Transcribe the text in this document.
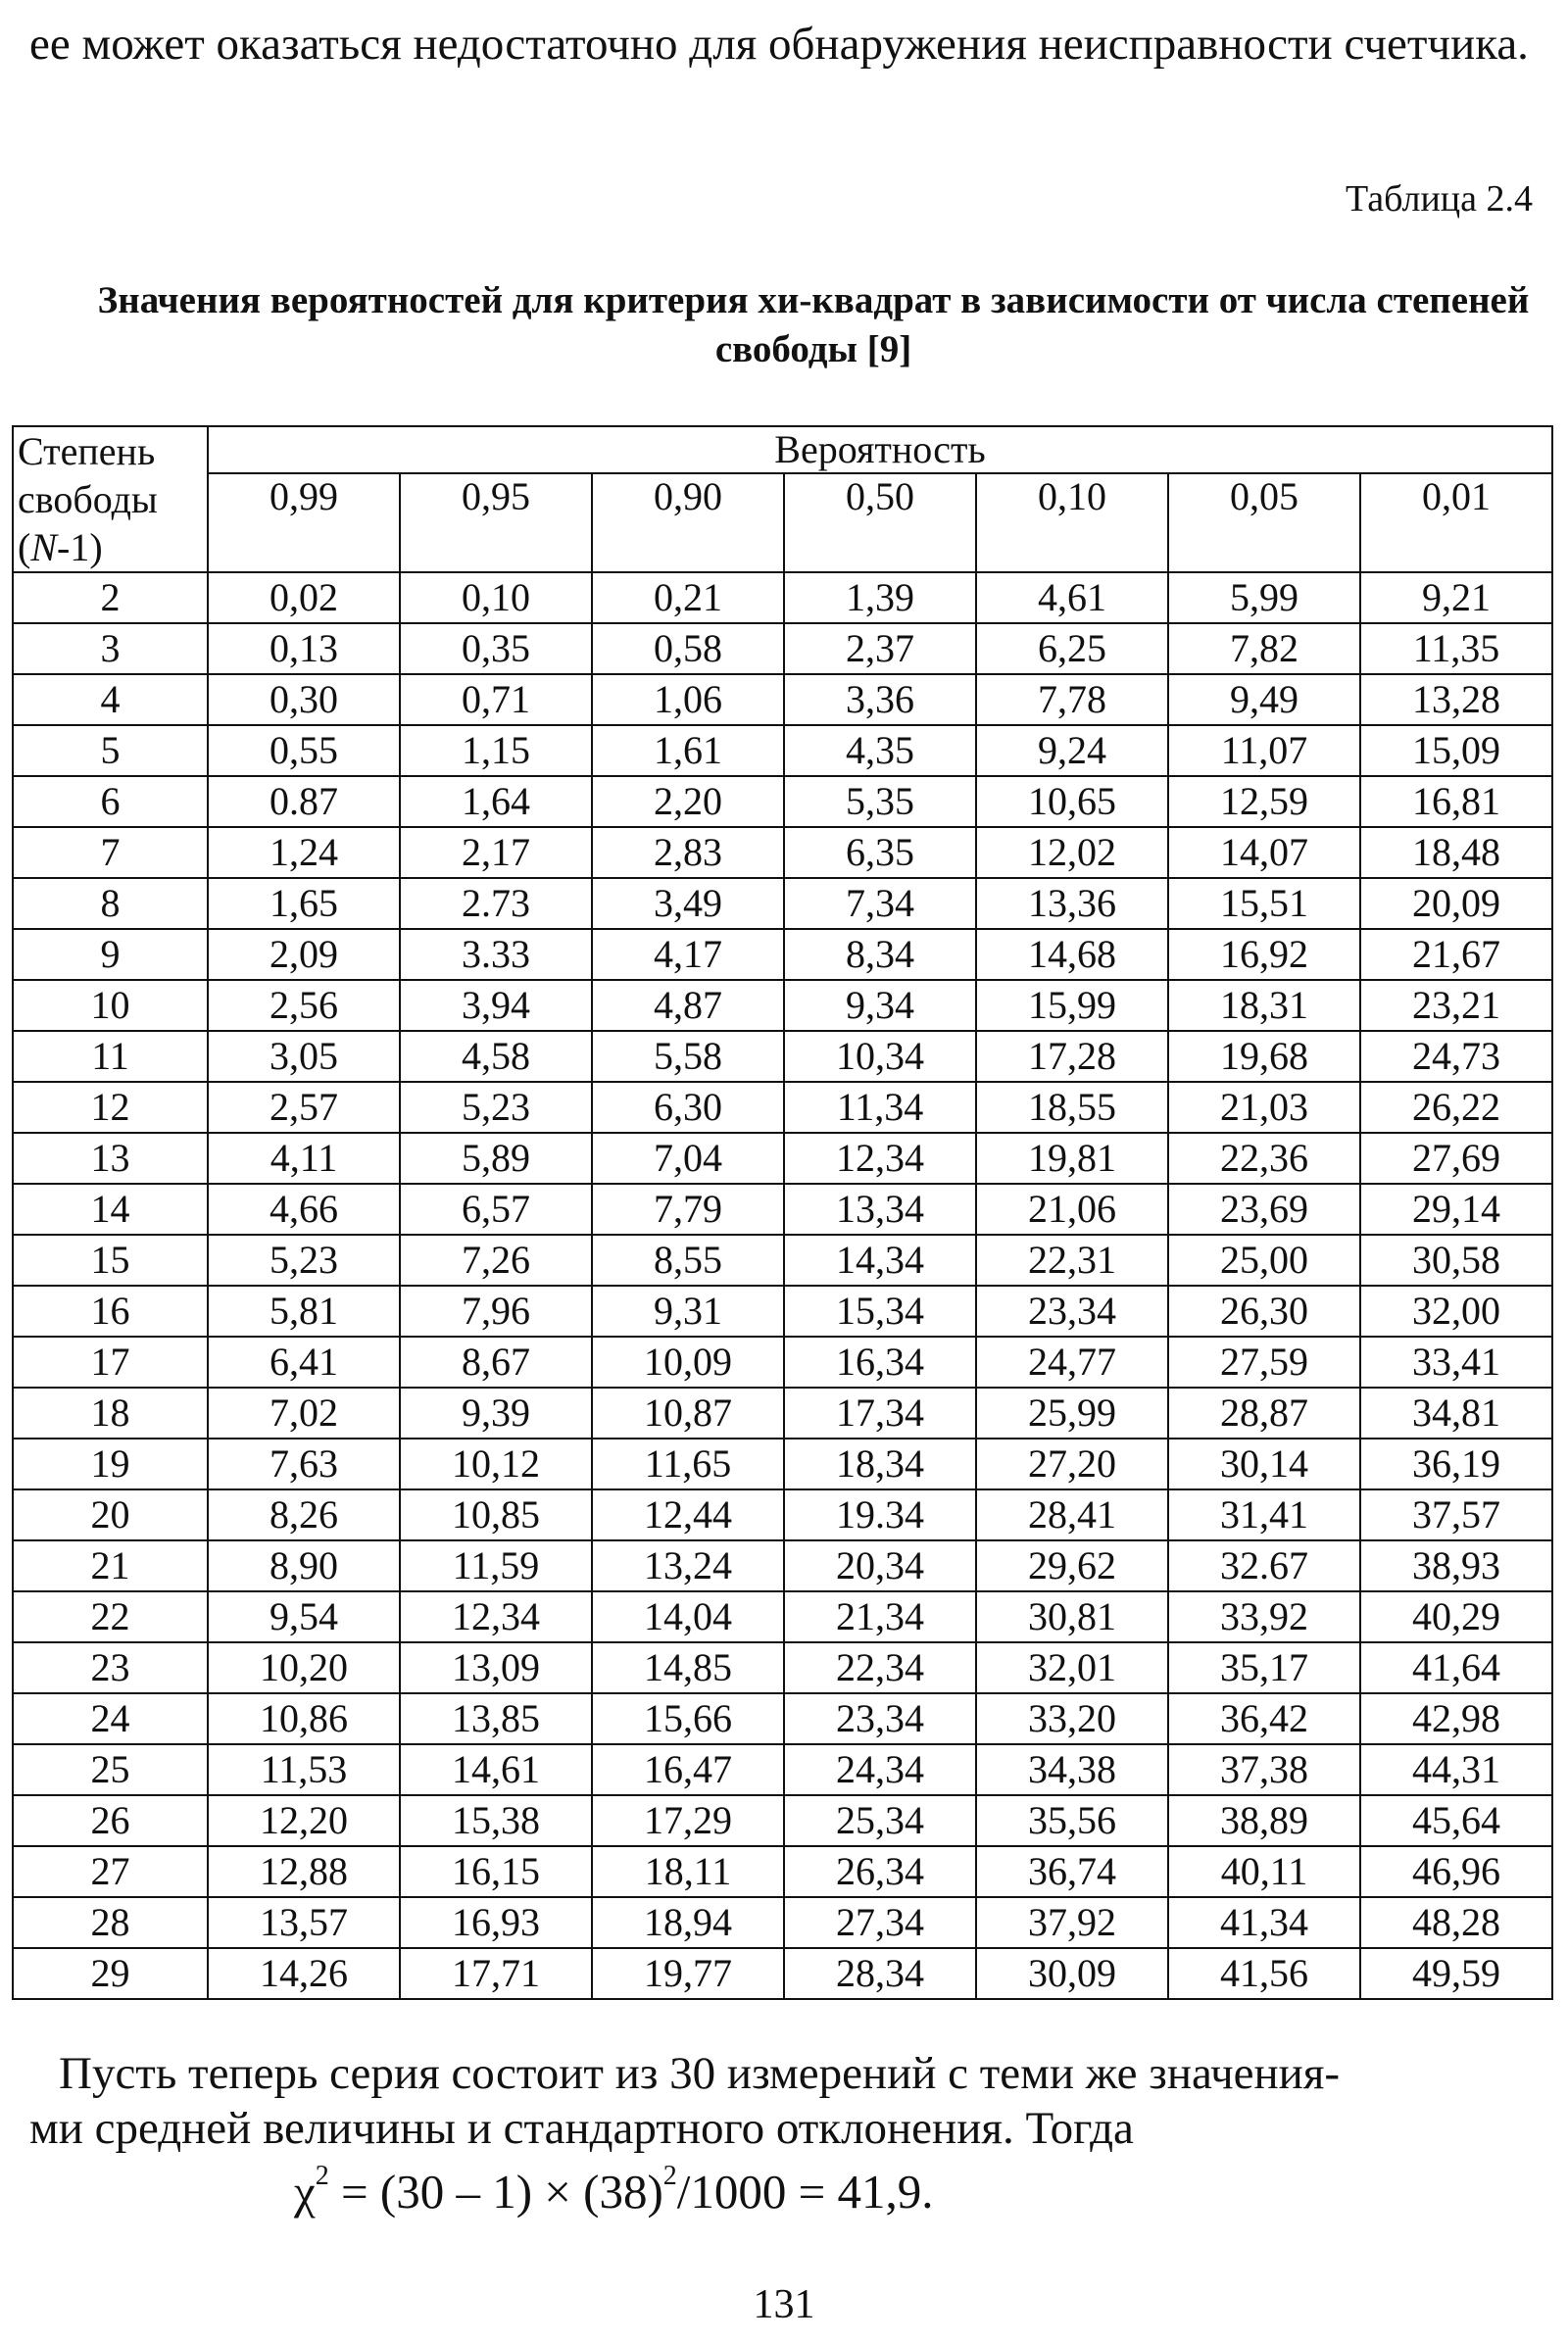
ее может оказаться недостаточно для обнаружения неисправности счетчика.

Таблица 2.4

Значения вероятностей для критерия хи-квадрат в зависимости от числа степеней свободы [9]

Степень свободы (N-1)	Вероятность						
	0,99	0,95	0,90	0,50	0,10	0,05	0,01
2	0,02	0,10	0,21	1,39	4,61	5,99	9,21
3	0,13	0,35	0,58	2,37	6,25	7,82	11,35
4	0,30	0,71	1,06	3,36	7,78	9,49	13,28
5	0,55	1,15	1,61	4,35	9,24	11,07	15,09
6	0.87	1,64	2,20	5,35	10,65	12,59	16,81
7	1,24	2,17	2,83	6,35	12,02	14,07	18,48
8	1,65	2.73	3,49	7,34	13,36	15,51	20,09
9	2,09	3.33	4,17	8,34	14,68	16,92	21,67
10	2,56	3,94	4,87	9,34	15,99	18,31	23,21
11	3,05	4,58	5,58	10,34	17,28	19,68	24,73
12	2,57	5,23	6,30	11,34	18,55	21,03	26,22
13	4,11	5,89	7,04	12,34	19,81	22,36	27,69
14	4,66	6,57	7,79	13,34	21,06	23,69	29,14
15	5,23	7,26	8,55	14,34	22,31	25,00	30,58
16	5,81	7,96	9,31	15,34	23,34	26,30	32,00
17	6,41	8,67	10,09	16,34	24,77	27,59	33,41
18	7,02	9,39	10,87	17,34	25,99	28,87	34,81
19	7,63	10,12	11,65	18,34	27,20	30,14	36,19
20	8,26	10,85	12,44	19.34	28,41	31,41	37,57
21	8,90	11,59	13,24	20,34	29,62	32.67	38,93
22	9,54	12,34	14,04	21,34	30,81	33,92	40,29
23	10,20	13,09	14,85	22,34	32,01	35,17	41,64
24	10,86	13,85	15,66	23,34	33,20	36,42	42,98
25	11,53	14,61	16,47	24,34	34,38	37,38	44,31
26	12,20	15,38	17,29	25,34	35,56	38,89	45,64
27	12,88	16,15	18,11	26,34	36,74	40,11	46,96
28	13,57	16,93	18,94	27,34	37,92	41,34	48,28
29	14,26	17,71	19,77	28,34	30,09	41,56	49,59
Пусть теперь серия состоит из 30 измерений с теми же значения-
ми средней величины и стандартного отклонения. Тогда
$\chi^2 = (30 - 1) \times (38)^2/1000 = 41,9$.
131
